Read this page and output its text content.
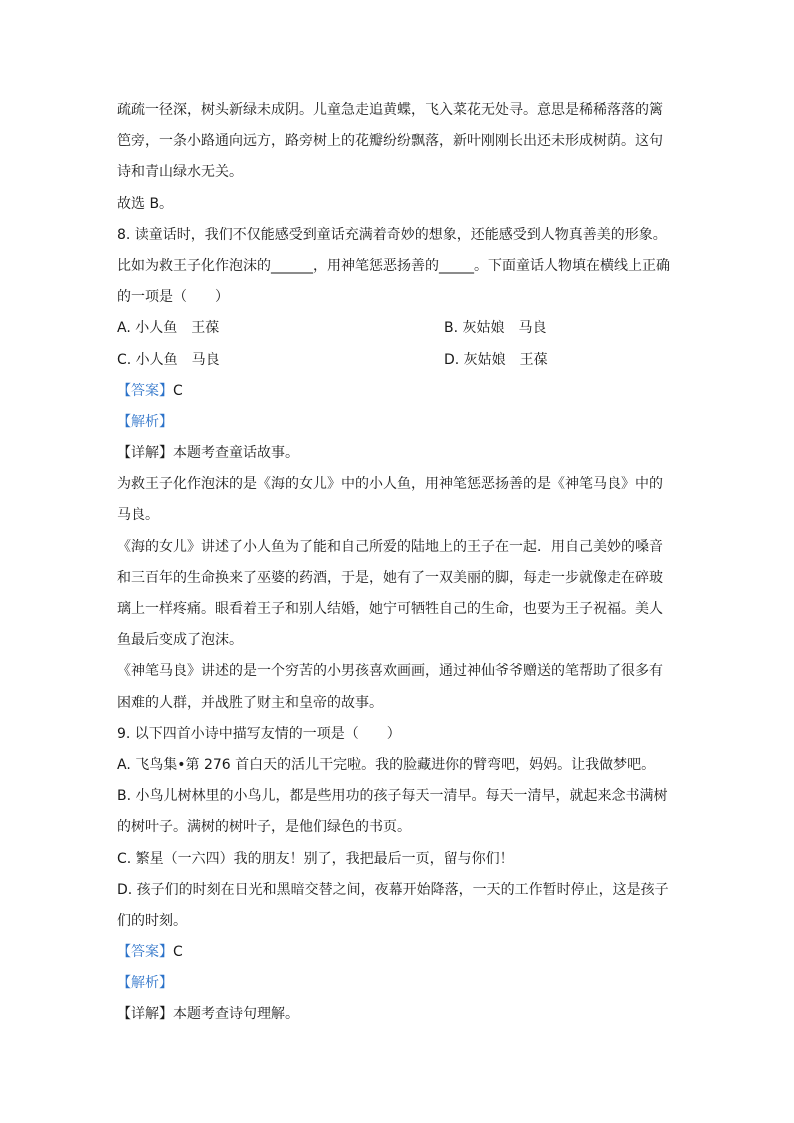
疏疏一径深，树头新绿未成阴。儿童急走追黄蝶，飞入菜花无处寻。意思是稀稀落落的篱
笆旁，一条小路通向远方，路旁树上的花瓣纷纷飘落，新叶刚刚长出还未形成树荫。这句
诗和青山绿水无关。
故选 B。
8. 读童话时，我们不仅能感受到童话充满着奇妙的想象，还能感受到人物真善美的形象。
比如为救王子化作泡沫的______，用神笔惩恶扬善的_____。下面童话人物填在横线上正确
的一项是（　　）
A. 小人鱼　王葆	B. 灰姑娘　马良
C. 小人鱼　马良	D. 灰姑娘　王葆
【答案】C
【解析】
【详解】本题考查童话故事。
为救王子化作泡沫的是《海的女儿》中的小人鱼，用神笔惩恶扬善的是《神笔马良》中的
马良。
《海的女儿》讲述了小人鱼为了能和自己所爱的陆地上的王子在一起．用自己美妙的嗓音
和三百年的生命换来了巫婆的药酒，于是，她有了一双美丽的脚，每走一步就像走在碎玻
璃上一样疼痛。眼看着王子和别人结婚，她宁可牺牲自己的生命，也要为王子祝福。美人
鱼最后变成了泡沫。
《神笔马良》讲述的是一个穷苦的小男孩喜欢画画，通过神仙爷爷赠送的笔帮助了很多有
困难的人群，并战胜了财主和皇帝的故事。
9. 以下四首小诗中描写友情的一项是（　　）
A. 飞鸟集•第 276 首白天的活儿干完啦。我的脸藏进你的臂弯吧，妈妈。让我做梦吧。
B. 小鸟儿树林里的小鸟儿，都是些用功的孩子每天一清早。每天一清早，就起来念书满树
的树叶子。满树的树叶子，是他们绿色的书页。
C. 繁星（一六四）我的朋友！别了，我把最后一页，留与你们！
D. 孩子们的时刻在日光和黑暗交替之间，夜幕开始降落，一天的工作暂时停止，这是孩子
们的时刻。
【答案】C
【解析】
【详解】本题考查诗句理解。
